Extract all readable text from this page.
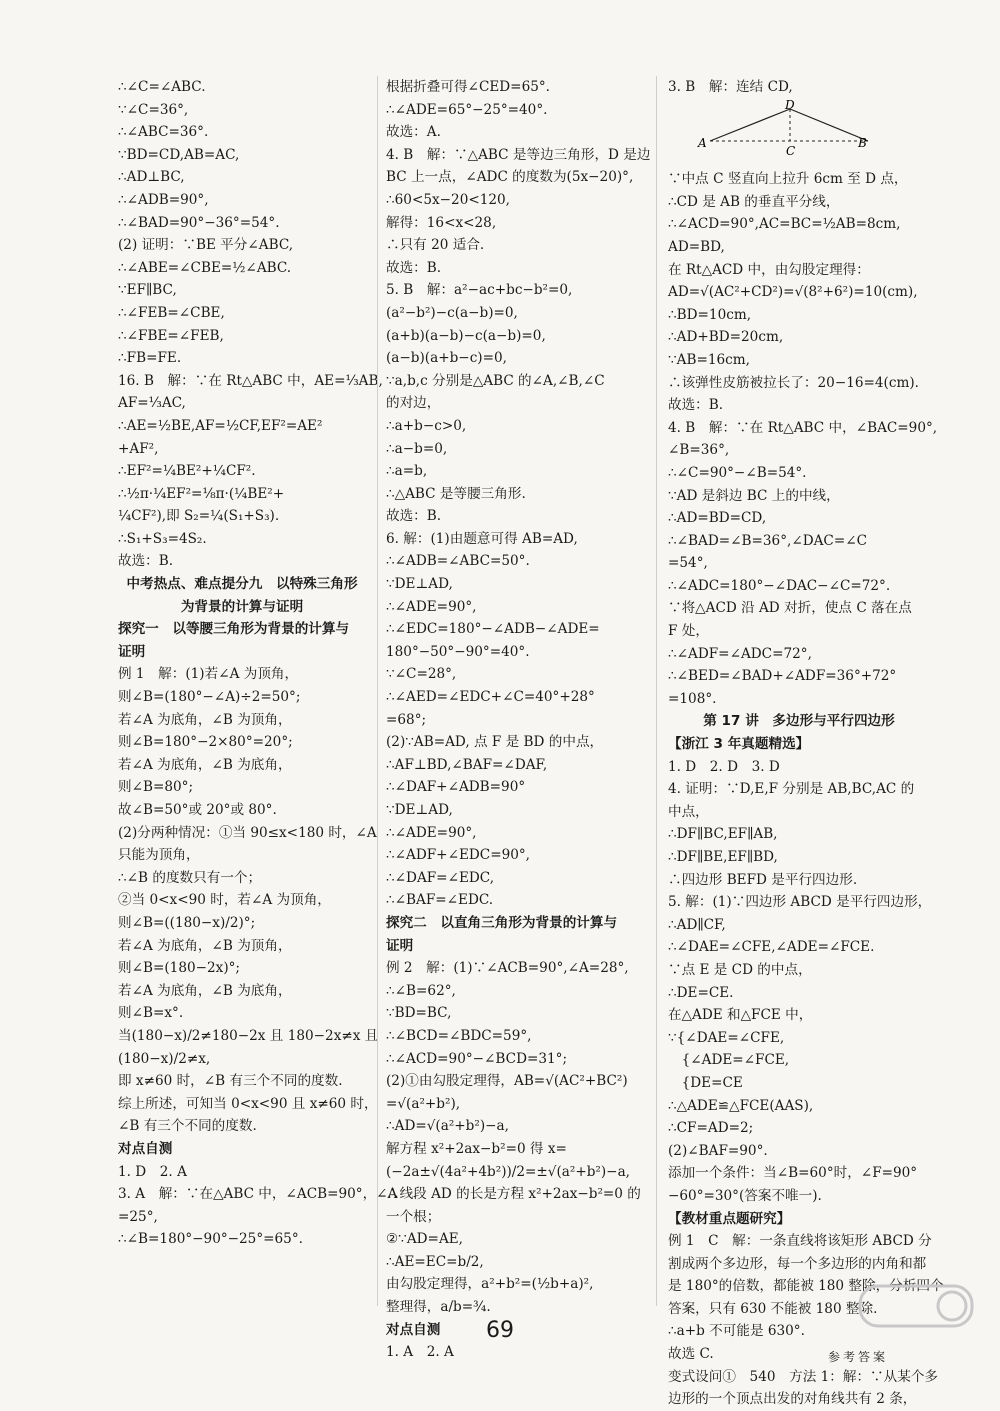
∴∠C=∠ABC.
∵∠C=36°,
∴∠ABC=36°.
∵BD=CD,AB=AC,
∴AD⊥BC,
∴∠ADB=90°,
∴∠BAD=90°−36°=54°.
(2) 证明：∵BE 平分∠ABC,
∴∠ABE=∠CBE=½∠ABC.
∵EF∥BC,
∴∠FEB=∠CBE,
∴∠FBE=∠FEB,
∴FB=FE.
16. B　解：∵在 Rt△ABC 中，AE=⅓AB,
AF=⅓AC,
∴AE=½BE,AF=½CF,EF²=AE²
+AF²,
∴EF²=¼BE²+¼CF².
∴½π·¼EF²=⅛π·(¼BE²+
¼CF²),即 S₂=¼(S₁+S₃).
∴S₁+S₃=4S₂.
故选：B.
中考热点、难点提分九　以特殊三角形
为背景的计算与证明
探究一　以等腰三角形为背景的计算与
证明
例 1　解：(1)若∠A 为顶角，
则∠B=(180°−∠A)÷2=50°;
若∠A 为底角，∠B 为顶角，
则∠B=180°−2×80°=20°;
若∠A 为底角，∠B 为底角，
则∠B=80°;
故∠B=50°或 20°或 80°.
(2)分两种情况：①当 90≤x<180 时，∠A
只能为顶角，
∴∠B 的度数只有一个；
②当 0<x<90 时，若∠A 为顶角，
则∠B=((180−x)/2)°;
若∠A 为底角，∠B 为顶角，
则∠B=(180−2x)°;
若∠A 为底角，∠B 为底角，
则∠B=x°.
当(180−x)/2≠180−2x 且 180−2x≠x 且
(180−x)/2≠x,
即 x≠60 时，∠B 有三个不同的度数.
综上所述，可知当 0<x<90 且 x≠60 时，
∠B 有三个不同的度数.
对点自测
1. D　2. A
3. A　解：∵在△ABC 中，∠ACB=90°，∠A
=25°,
∴∠B=180°−90°−25°=65°.
根据折叠可得∠CED=65°.
∴∠ADE=65°−25°=40°.
故选：A.
4. B　解：∵△ABC 是等边三角形，D 是边
BC 上一点，∠ADC 的度数为(5x−20)°,
∴60<5x−20<120,
解得：16<x<28,
∴只有 20 适合.
故选：B.
5. B　解：a²−ac+bc−b²=0,
(a²−b²)−c(a−b)=0,
(a+b)(a−b)−c(a−b)=0,
(a−b)(a+b−c)=0,
∵a,b,c 分别是△ABC 的∠A,∠B,∠C
的对边，
∴a+b−c>0,
∴a−b=0,
∴a=b,
∴△ABC 是等腰三角形.
故选：B.
6. 解：(1)由题意可得 AB=AD,
∴∠ADB=∠ABC=50°.
∵DE⊥AD,
∴∠ADE=90°,
∴∠EDC=180°−∠ADB−∠ADE=
180°−50°−90°=40°.
∵∠C=28°,
∴∠AED=∠EDC+∠C=40°+28°
=68°;
(2)∵AB=AD, 点 F 是 BD 的中点，
∴AF⊥BD,∠BAF=∠DAF,
∴∠DAF+∠ADB=90°
∵DE⊥AD,
∴∠ADE=90°,
∴∠ADF+∠EDC=90°,
∴∠DAF=∠EDC,
∴∠BAF=∠EDC.
探究二　以直角三角形为背景的计算与
证明
例 2　解：(1)∵∠ACB=90°,∠A=28°,
∴∠B=62°,
∵BD=BC,
∴∠BCD=∠BDC=59°,
∴∠ACD=90°−∠BCD=31°;
(2)①由勾股定理得，AB=√(AC²+BC²)
=√(a²+b²),
∴AD=√(a²+b²)−a,
解方程 x²+2ax−b²=0 得 x=
(−2a±√(4a²+4b²))/2=±√(a²+b²)−a,
∴线段 AD 的长是方程 x²+2ax−b²=0 的
一个根；
②∵AD=AE,
∴AE=EC=b/2,
由勾股定理得，a²+b²=(½b+a)²,
整理得，a/b=¾.
对点自测
1. A　2. A
3. B　解：连结 CD,
D
A
C
B
∵中点 C 竖直向上拉升 6cm 至 D 点，
∴CD 是 AB 的垂直平分线，
∴∠ACD=90°,AC=BC=½AB=8cm,
AD=BD,
在 Rt△ACD 中，由勾股定理得：
AD=√(AC²+CD²)=√(8²+6²)=10(cm),
∴BD=10cm,
∴AD+BD=20cm,
∵AB=16cm,
∴该弹性皮筋被拉长了：20−16=4(cm).
故选：B.
4. B　解：∵在 Rt△ABC 中，∠BAC=90°,
∠B=36°,
∴∠C=90°−∠B=54°.
∵AD 是斜边 BC 上的中线，
∴AD=BD=CD,
∴∠BAD=∠B=36°,∠DAC=∠C
=54°,
∴∠ADC=180°−∠DAC−∠C=72°.
∵将△ACD 沿 AD 对折，使点 C 落在点
F 处，
∴∠ADF=∠ADC=72°,
∴∠BED=∠BAD+∠ADF=36°+72°
=108°.
第 17 讲　多边形与平行四边形
【浙江 3 年真题精选】
1. D　2. D　3. D
4. 证明：∵D,E,F 分别是 AB,BC,AC 的
中点，
∴DF∥BC,EF∥AB,
∴DF∥BE,EF∥BD,
∴四边形 BEFD 是平行四边形.
5. 解：(1)∵四边形 ABCD 是平行四边形，
∴AD∥CF,
∴∠DAE=∠CFE,∠ADE=∠FCE.
∵点 E 是 CD 的中点，
∴DE=CE.
在△ADE 和△FCE 中，
∵{∠DAE=∠CFE,
　{∠ADE=∠FCE,
　{DE=CE
∴△ADE≌△FCE(AAS),
∴CF=AD=2;
(2)∠BAF=90°.
添加一个条件：当∠B=60°时，∠F=90°
−60°=30°(答案不唯一).
【教材重点题研究】
例 1　C　解：一条直线将该矩形 ABCD 分
割成两个多边形，每一个多边形的内角和都
是 180°的倍数，都能被 180 整除，分析四个
答案，只有 630 不能被 180 整除.
∴a+b 不可能是 630°.
故选 C.
变式设问①　540　方法 1：解：∵从某个多
边形的一个顶点出发的对角线共有 2 条，
69
参考答案
